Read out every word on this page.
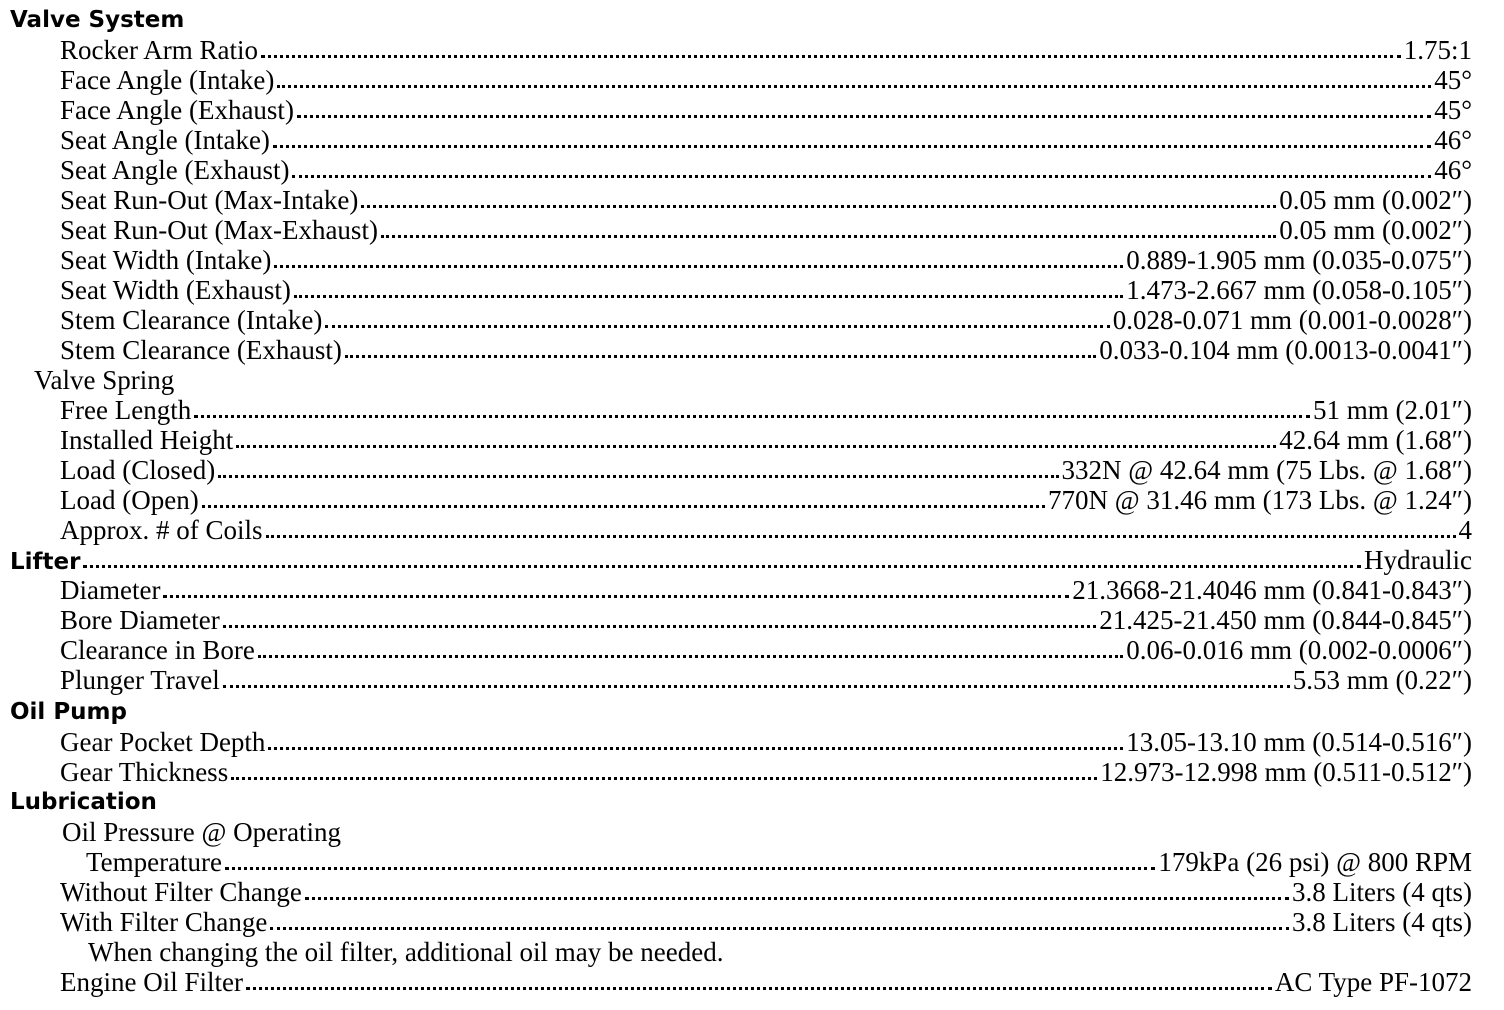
Valve System
Rocker Arm Ratio	1.75:1
Face Angle (Intake)	45°
Face Angle (Exhaust)	45°
Seat Angle (Intake)	46°
Seat Angle (Exhaust)	46°
Seat Run-Out (Max-Intake)	0.05 mm (0.002″)
Seat Run-Out (Max-Exhaust)	0.05 mm (0.002″)
Seat Width (Intake)	0.889-1.905 mm (0.035-0.075″)
Seat Width (Exhaust)	1.473-2.667 mm (0.058-0.105″)
Stem Clearance (Intake)	0.028-0.071 mm (0.001-0.0028″)
Stem Clearance (Exhaust)	0.033-0.104 mm (0.0013-0.0041″)
Valve Spring
Free Length	51 mm (2.01″)
Installed Height	42.64 mm (1.68″)
Load (Closed)	332N @ 42.64 mm (75 Lbs. @ 1.68″)
Load (Open)	770N @ 31.46 mm (173 Lbs. @ 1.24″)
Approx. # of Coils	4
Lifter	Hydraulic
Diameter	21.3668-21.4046 mm (0.841-0.843″)
Bore Diameter	21.425-21.450 mm (0.844-0.845″)
Clearance in Bore	0.06-0.016 mm (0.002-0.0006″)
Plunger Travel	5.53 mm (0.22″)
Oil Pump
Gear Pocket Depth	13.05-13.10 mm (0.514-0.516″)
Gear Thickness	12.973-12.998 mm (0.511-0.512″)
Lubrication
Oil Pressure @ Operating
Temperature	179kPa (26 psi) @ 800 RPM
Without Filter Change	3.8 Liters (4 qts)
With Filter Change	3.8 Liters (4 qts)
When changing the oil filter, additional oil may be needed.
Engine Oil Filter	AC Type PF-1072
